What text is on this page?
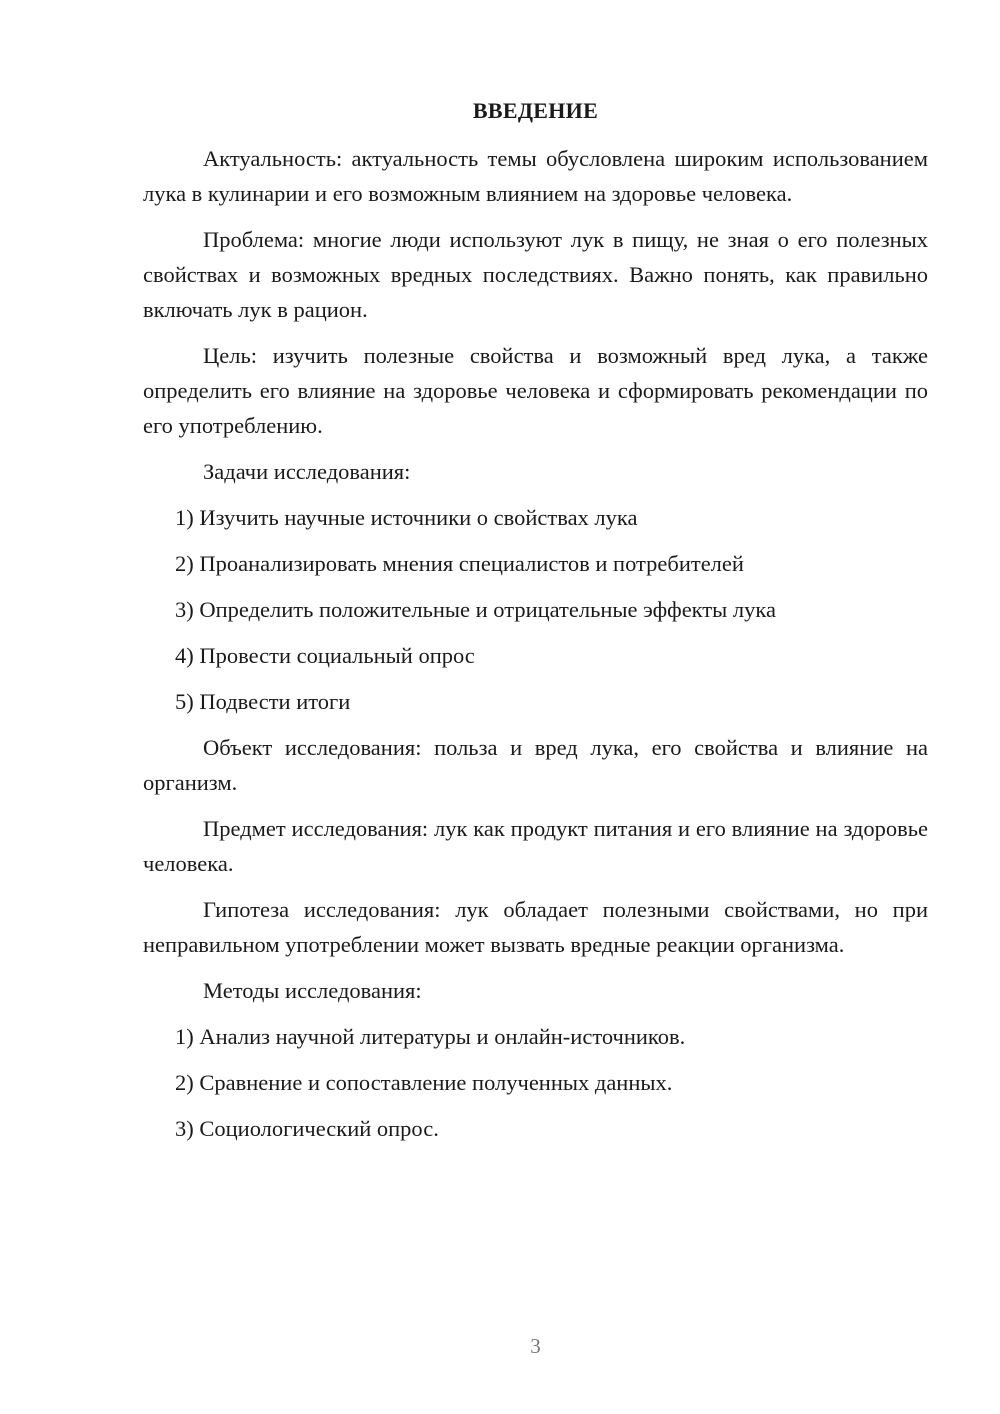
ВВЕДЕНИЕ

Актуальность: актуальность темы обусловлена широким использованием лука в кулинарии и его возможным влиянием на здоровье человека.

Проблема: многие люди используют лук в пищу, не зная о его полезных свойствах и возможных вредных последствиях. Важно понять, как правильно включать лук в рацион.

Цель: изучить полезные свойства и возможный вред лука, а также определить его влияние на здоровье человека и сформировать рекомендации по его употреблению.

Задачи исследования:

1) Изучить научные источники о свойствах лука

2) Проанализировать мнения специалистов и потребителей

3) Определить положительные и отрицательные эффекты лука

4) Провести социальный опрос

5) Подвести итоги

Объект исследования: польза и вред лука, его свойства и влияние на организм.

Предмет исследования: лук как продукт питания и его влияние на здоровье человека.

Гипотеза исследования: лук обладает полезными свойствами, но при неправильном употреблении может вызвать вредные реакции организма.

Методы исследования:

1) Анализ научной литературы и онлайн-источников.

2) Сравнение и сопоставление полученных данных.

3) Социологический опрос.

3
